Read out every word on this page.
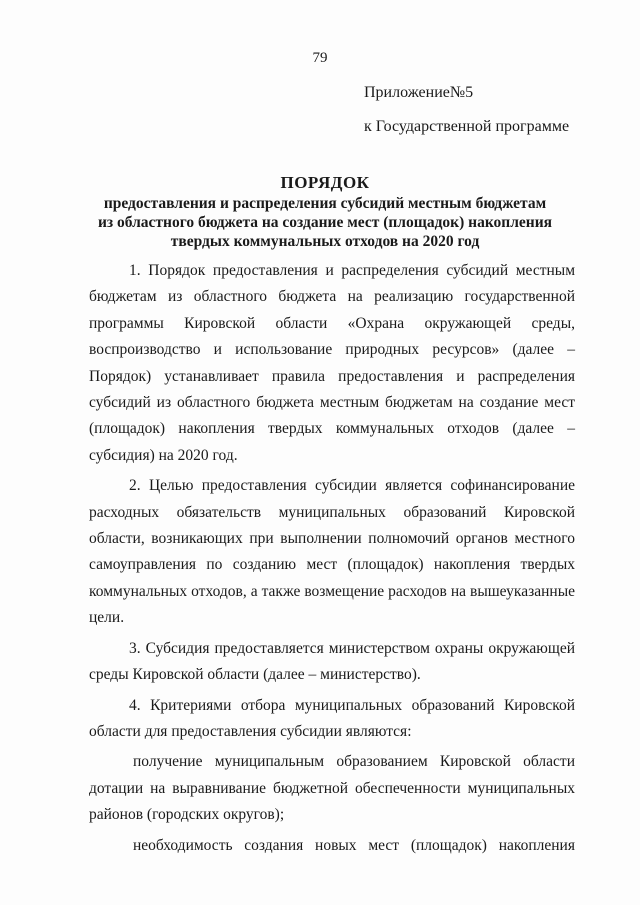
79
Приложение№5
к Государственной программе
ПОРЯДОК
предоставления и распределения субсидий местным бюджетам
из областного бюджета на создание мест (площадок) накопления
твердых коммунальных отходов на 2020 год

1. Порядок предоставления и распределения субсидий местным бюджетам из областного бюджета на реализацию государственной программы Кировской области «Охрана окружающей среды, воспроизводство и использование природных ресурсов» (далее – Порядок) устанавливает правила предоставления и распределения субсидий из областного бюджета местным бюджетам на создание мест (площадок) накопления твердых коммунальных отходов (далее – субсидия) на 2020 год.

2. Целью предоставления субсидии является софинансирование расходных обязательств муниципальных образований Кировской области, возникающих при выполнении полномочий органов местного самоуправления по созданию мест (площадок) накопления твердых коммунальных отходов, а также возмещение расходов на вышеуказанные цели.

3. Субсидия предоставляется министерством охраны окружающей среды Кировской области (далее – министерство).

4. Критериями отбора муниципальных образований Кировской области для предоставления субсидии являются:

получение муниципальным образованием Кировской области дотации на выравнивание бюджетной обеспеченности муниципальных районов (городских округов);

необходимость создания новых мест (площадок) накопления
